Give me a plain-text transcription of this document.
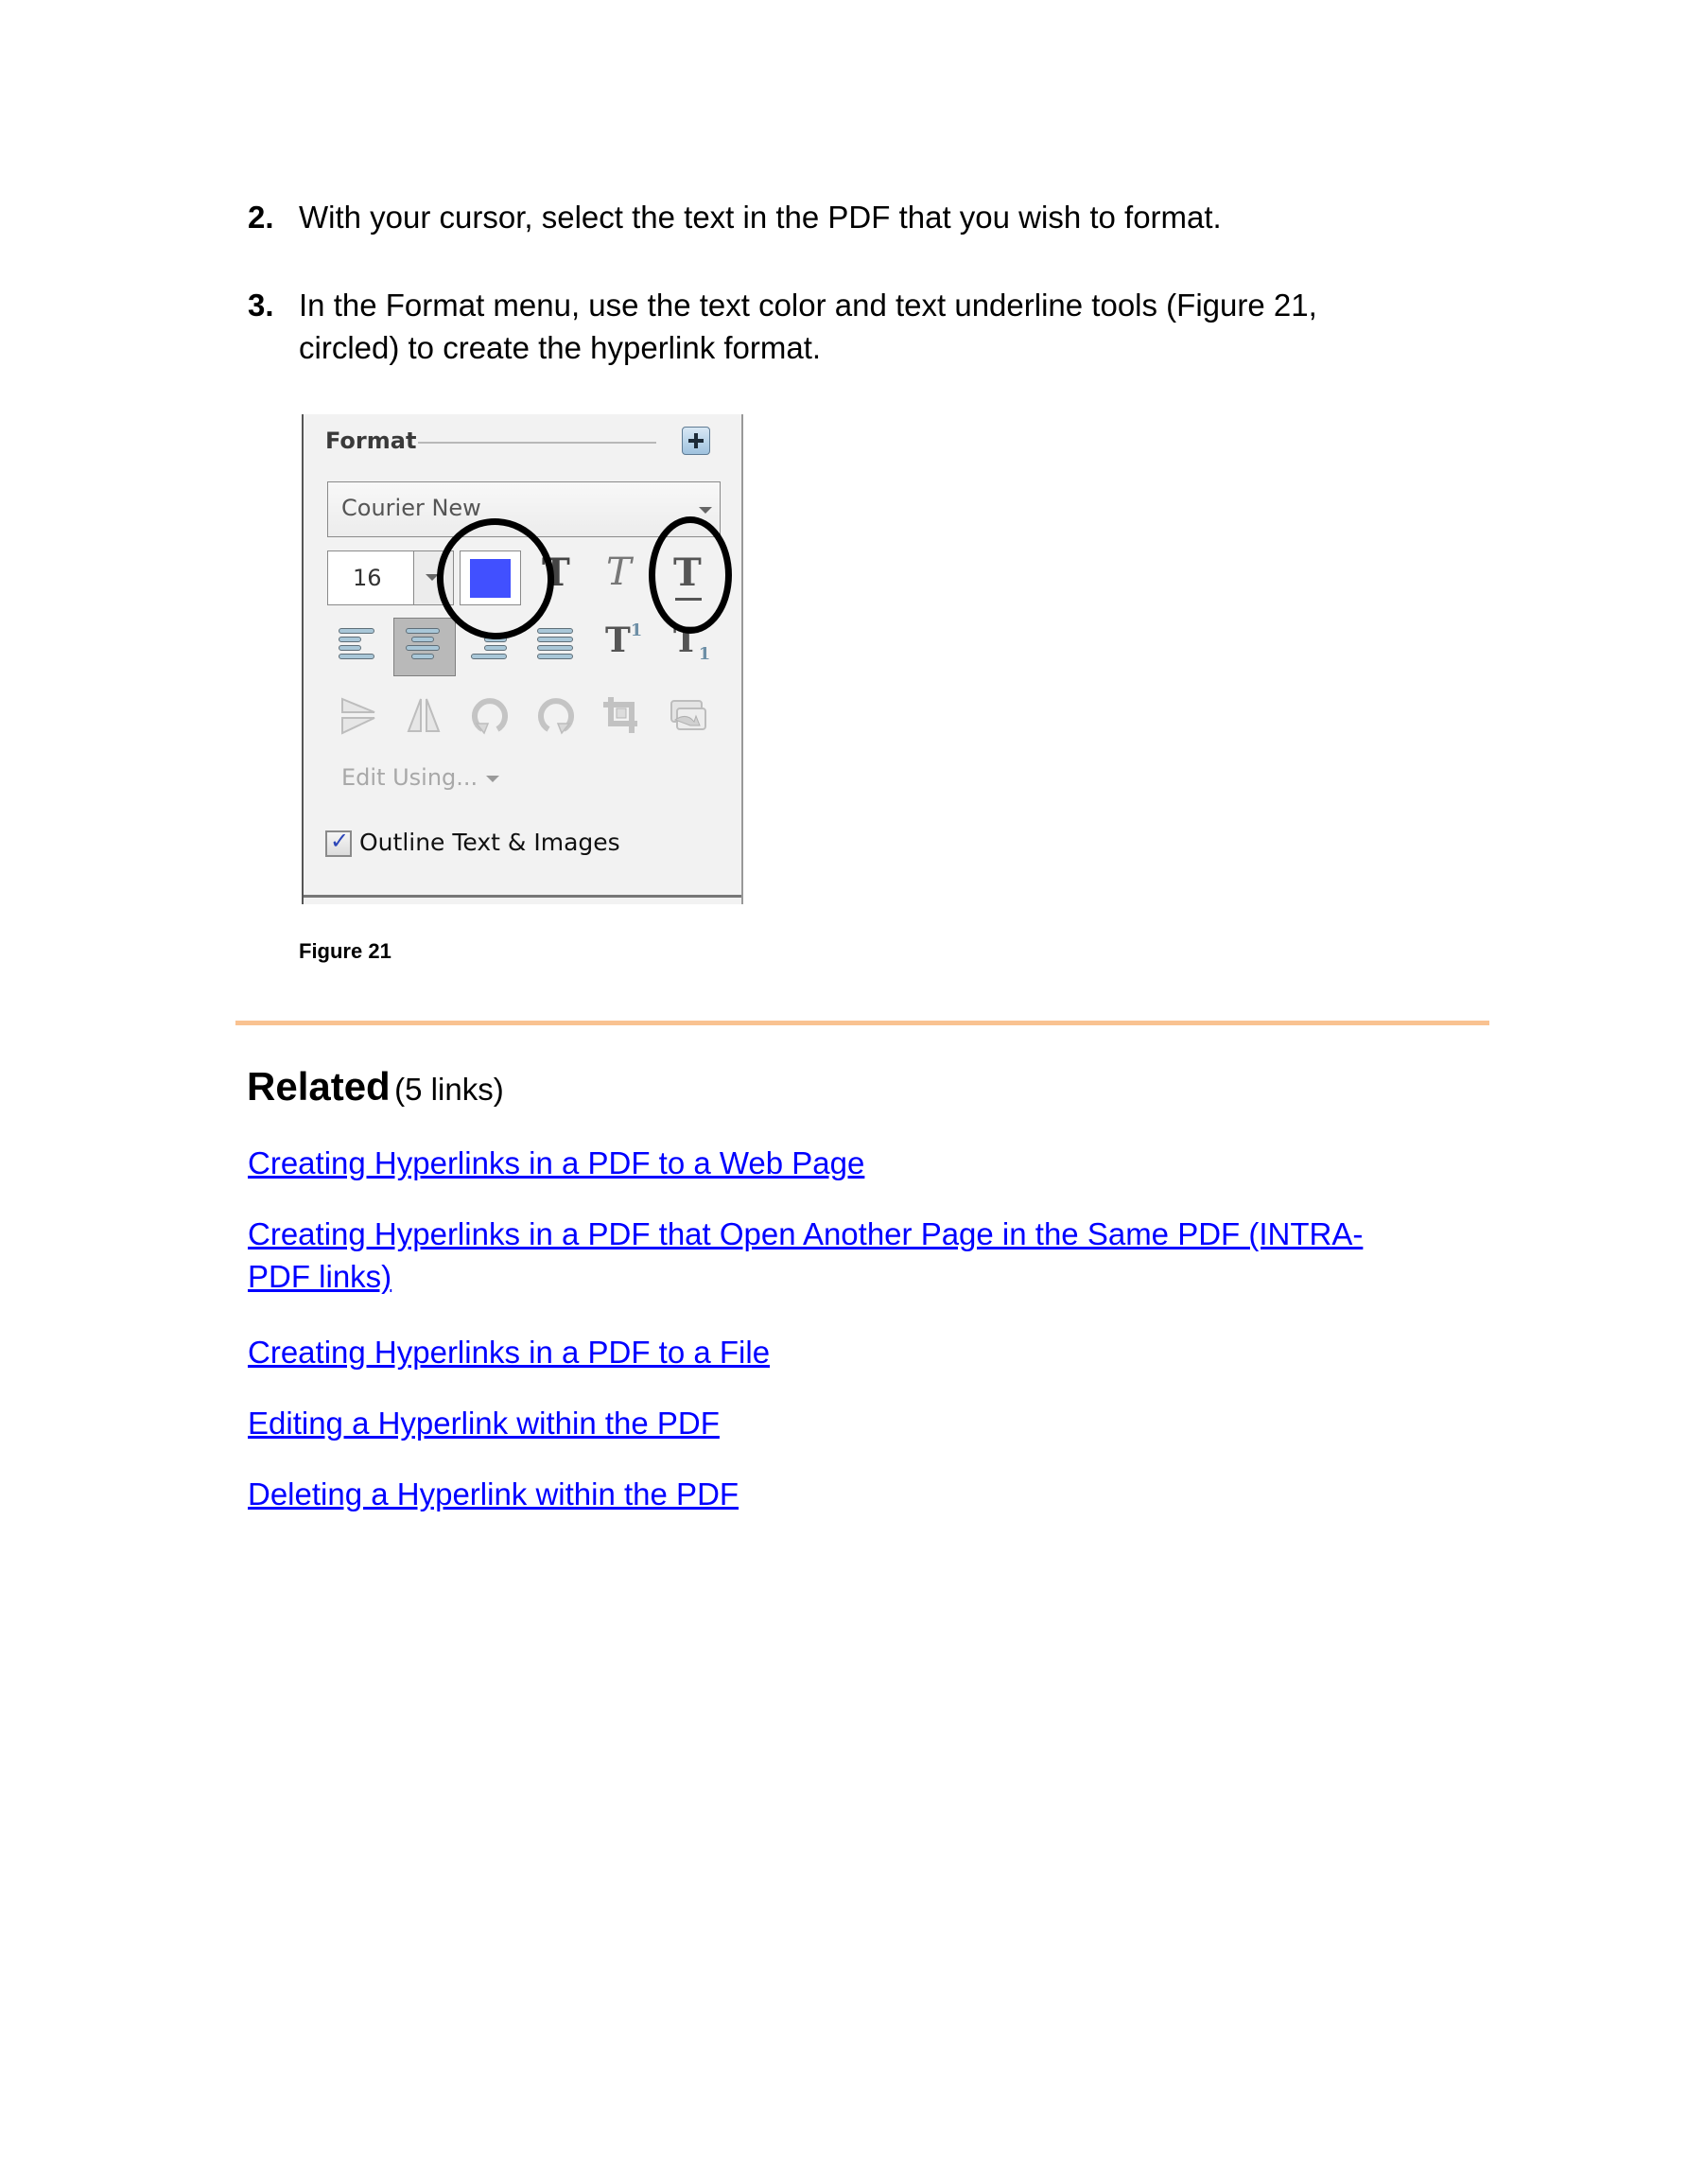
2. With your cursor, select the text in the PDF that you wish to format.
3. In the Format menu, use the text color and text underline tools (Figure 21,
circled) to create the hyperlink format.
Format
Courier New
16	T T T
$T^1$ $T_1$
Edit Using...
✓ Outline Text & Images
Figure 21
Related (5 links)
Creating Hyperlinks in a PDF to a Web Page
Creating Hyperlinks in a PDF that Open Another Page in the Same PDF (INTRA-
PDF links)
Creating Hyperlinks in a PDF to a File
Editing a Hyperlink within the PDF
Deleting a Hyperlink within the PDF
